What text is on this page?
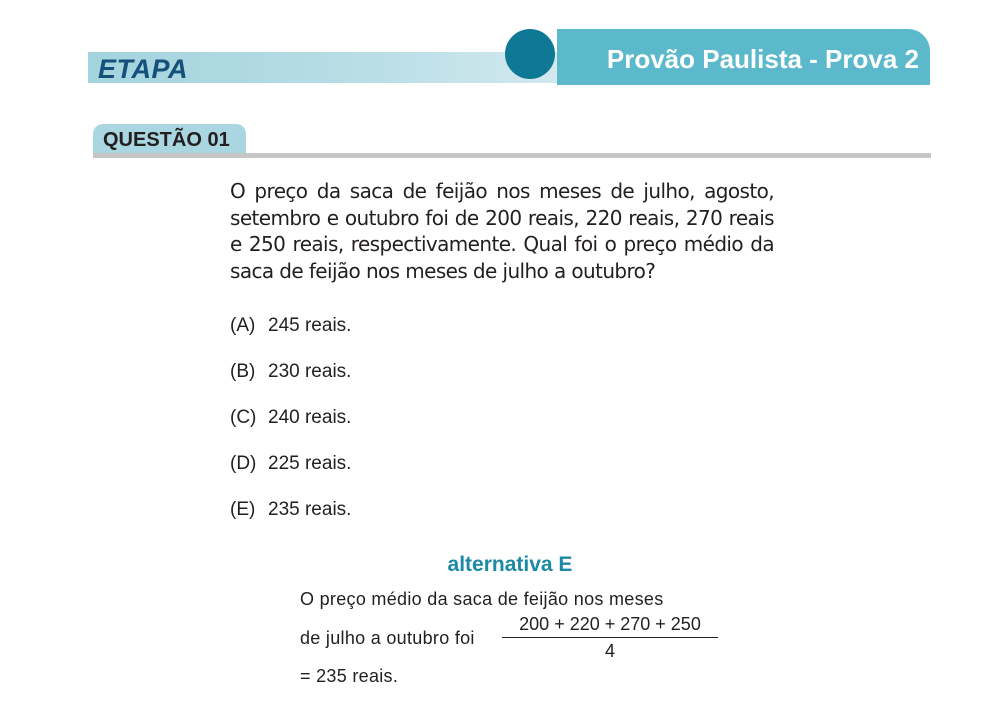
ETAPA	Provão Paulista - Prova 2
QUESTÃO 01

O preço da saca de feijão nos meses de julho, agosto, setembro e outubro foi de 200 reais, 220 reais, 270 reais e 250 reais, respectivamente. Qual foi o preço médio da saca de feijão nos meses de julho a outubro?

(A) 245 reais.
(B) 230 reais.
(C) 240 reais.
(D) 225 reais.
(E) 235 reais.
alternativa E
O preço médio da saca de feijão nos meses
de julho a outubro foi $\frac{200 + 220 + 270 + 250}{4}$
= 235 reais.
